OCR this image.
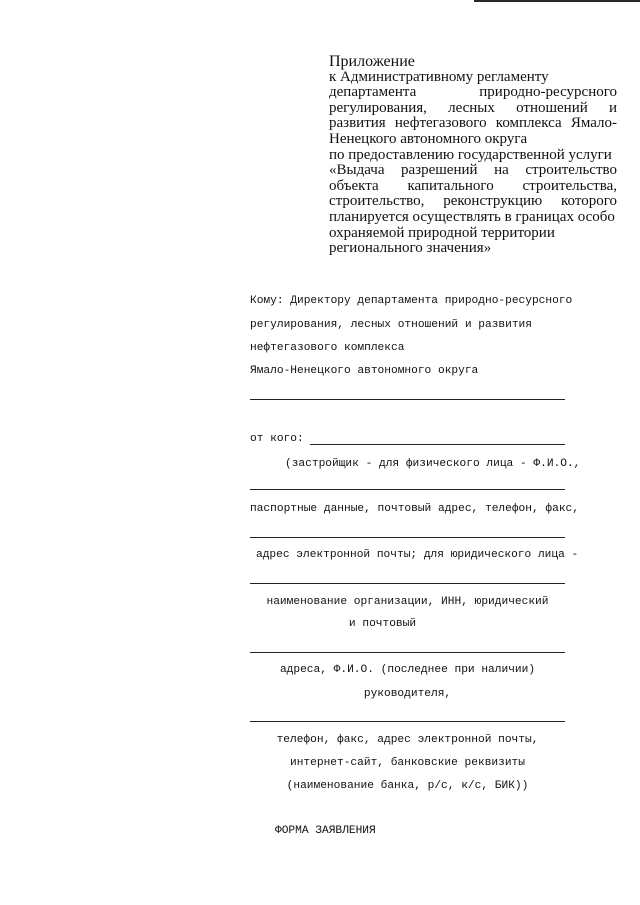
Приложение
к Административному регламенту
департамента природно-ресурсного
регулирования, лесных отношений и
развития нефтегазового комплекса Ямало-
Ненецкого автономного округа
по предоставлению государственной услуги
«Выдача разрешений на строительство
объекта капитального строительства,
строительство, реконструкцию которого
планируется осуществлять в границах особо
охраняемой природной территории
регионального значения»
Кому: Директору департамента природно-ресурсного
регулирования, лесных отношений и развития
нефтегазового комплекса
Ямало-Ненецкого автономного округа
от кого:
(застройщик - для физического лица - Ф.И.О.,
паспортные данные, почтовый адрес, телефон, факс,
адрес электронной почты; для юридического лица -
наименование организации, ИНН, юридический
и почтовый
адреса, Ф.И.О. (последнее при наличии)
руководителя,
телефон, факс, адрес электронной почты,
интернет-сайт, банковские реквизиты
(наименование банка, р/с, к/с, БИК))
ФОРМА ЗАЯВЛЕНИЯ
